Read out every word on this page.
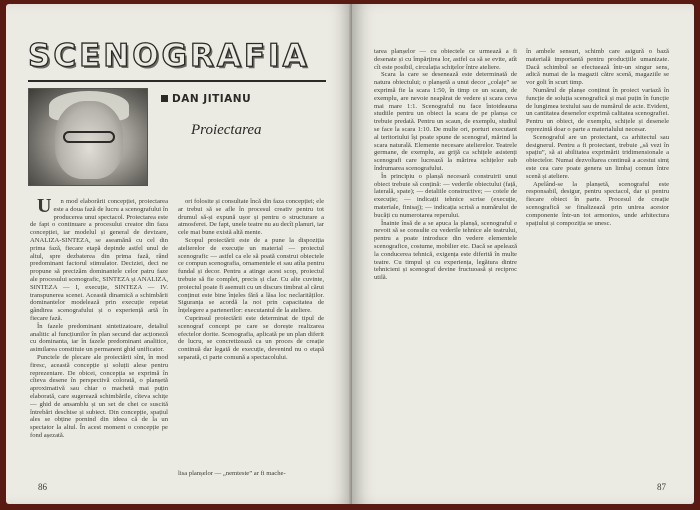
SCENOGRAFIA
DAN JITIANU
Proiectarea

U n mod elaborării concepției, proiectarea este a doua fază de lucru a scenografului în producerea unui spectacol. Proiectarea este de fapt o continuare a procesului creator din faza concepției, iar modelul și general de devizare, ANALIZA-SINTEZA, se aseamănă cu cel din prima fază, fiecare etapă depinde astfel unul de altul, spre dezbaterea din prima fază, rând predominant factorul stimulator. Deciziei, deci ne propune să precizăm dominantele celor patru faze ale procesului scenografic, SINTEZA și ANALIZA, SINTEZA — I, execuție, SINTEZA — IV. transpunerea scenei. Această dinamică a schimbării dominantelor modelează prin execuție repetat gândirea scenografului și o experiență artă în fiecare fază.

În fazele predominant sintetizatoare, detaliul analitic al funcțiunilor în plan secund dar acționeză cu dominanta, iar în fazele predominant analitice, asimilarea constituie un permanent ghid unificator.

Punctele de plecare ale proiectării sînt, în mod firesc, această concepție și soluții alese pentru reprezentare. De obicei, concepția se exprimă în cîteva desene în perspectivă colorată, o planșetă aproximativă sau chiar o machetă mai puțin elaborată, care sugerează schimbările, cîteva schițe — ghid de ansamblu și un set de chei ce suscită întrebări deschise și subiect. Din concepție, spațiul ales se obține pornind din ideea că de la un spectator la altul. În acest moment o concepție pe fond așezată.

ori folosite și consultate încă din faza concepției; ele ar trebui să se afle în procesul creativ pentru tot drumul să-și expună ușor și pentru o structurare a atmosferei. De fapt, unele teatre nu au decît planuri, iar cele mai bune există altă mente.

Scopul proiectării este de a pune la dispoziția atelierelor de execuție un material — proiectul scenografic — astfel ca ele să poată construi obiectele ce compun scenografia, ornamentele ei sau atîta pentru fundal și decor. Pentru a atinge acest scop, proiectul trebuie să fie complet, precis și clar. Cu alte cuvinte, proiectul poate fi asemuit cu un discurs timbrat al cărui conținut este bine înțeles fără a lăsa loc neclarităților. Siguranța se acordă la noi prin capacitatea de înțelegere a partenerilor: executantul de la ateliere.

Cuprinsul proiectării este determinat de tipul de scenograf concept pe care se dorește realizarea efectelor dorite. Scenografia, aplicată pe un plan diferit de lucru, se concretizează ca un proces de creație continuă dar legată de execuție, devenind nu o etapă separată, ci parte comună a spectacolului.

lisa planșelor — „nemteste” ar fi mache-

86

tarea planșelor — cu obiectele ce urmează a fi desenate și cu împărțirea lor, astfel ca să se evite, atît cît este posibil, circulația schițelor între ateliere.

Scara la care se desenează este determinată de natura obiectului; o planșetă a unui decor „colaje” se exprimă fie la scara 1:50, în timp ce un scaun, de exemplu, are nevoie neapărat de vedere și scara ceva mai mare 1:1. Scenograful nu face întotdeauna studiile pentru un obiect la scara de pe planșa ce trebuie predată. Pentru un scaun, de exemplu, studiul se face la scara 1:10. De multe ori, porturi executant al teritoriului își poate spune de scenograf, mărind la scara naturală. Elemente necesare atelierelor. Teatrele germane, de exemplu, au grijă ca schițele asistenți scenografi care lucrează la mărirea schițelor sub îndrumarea scenografului.

În principiu o planșă necesară construirii unui obiect trebuie să conțină: — vederile obiectului (față, laterală, spate); — detaliile constructive; — cotele de execuție; — indicații tehnice scrise (execuție, materiale, finisaj); — indicația scrisă a numărului de bucăți cu numerotarea reperului.

Înainte însă de a se apuca la planșă, scenograful e nevoit să se consulte cu vederile tehnice ale teatrului, pentru a poate introduce din vedere elementele scenografice, costume, mobilier etc. Dacă se apelează la conducerea tehnică, exigența este diferită în multe teatre. Cu timpul și cu experiența, legătura dintre tehnicieni și scenograf devine fructuoasă și reciproc utilă.

în ambele sensuri, schimb care asigură o bază materială importantă pentru producțiile umanizate. Dacă schimbul se efectuează într-un singur sens, adică numai de la magazii către scenă, magaziile se vor goli în scurt timp.

Numărul de planșe conținut în proiect variază în funcție de soluția scenografică și mai puțin în funcție de lungimea textului sau de numărul de acte. Evident, un cantitatea desenelor exprimă calitatea scenografiei. Pentru un obiect, de exemplu, schițele și desenele reprezintă doar o parte a materialului necesar.

Scenograful are un proiectant, ca arhitectul sau designerul. Pentru a fi proiectant, trebuie „să vezi în spațiu”, să ai abilitatea exprimării tridimensionale a obiectelor. Numai dezvoltarea continuă a acestui simț este cea care poate genera un limbaj comun între scenă și ateliere.

Apelând-se la planșetă, scenograful este responsabil, desigur, pentru spectacol, dar și pentru fiecare obiect în parte. Procesul de creație scenografică se finalizează prin unirea acestor componente într-un tot armonios, unde arhitectura spațiului și compoziția se unesc.

87
